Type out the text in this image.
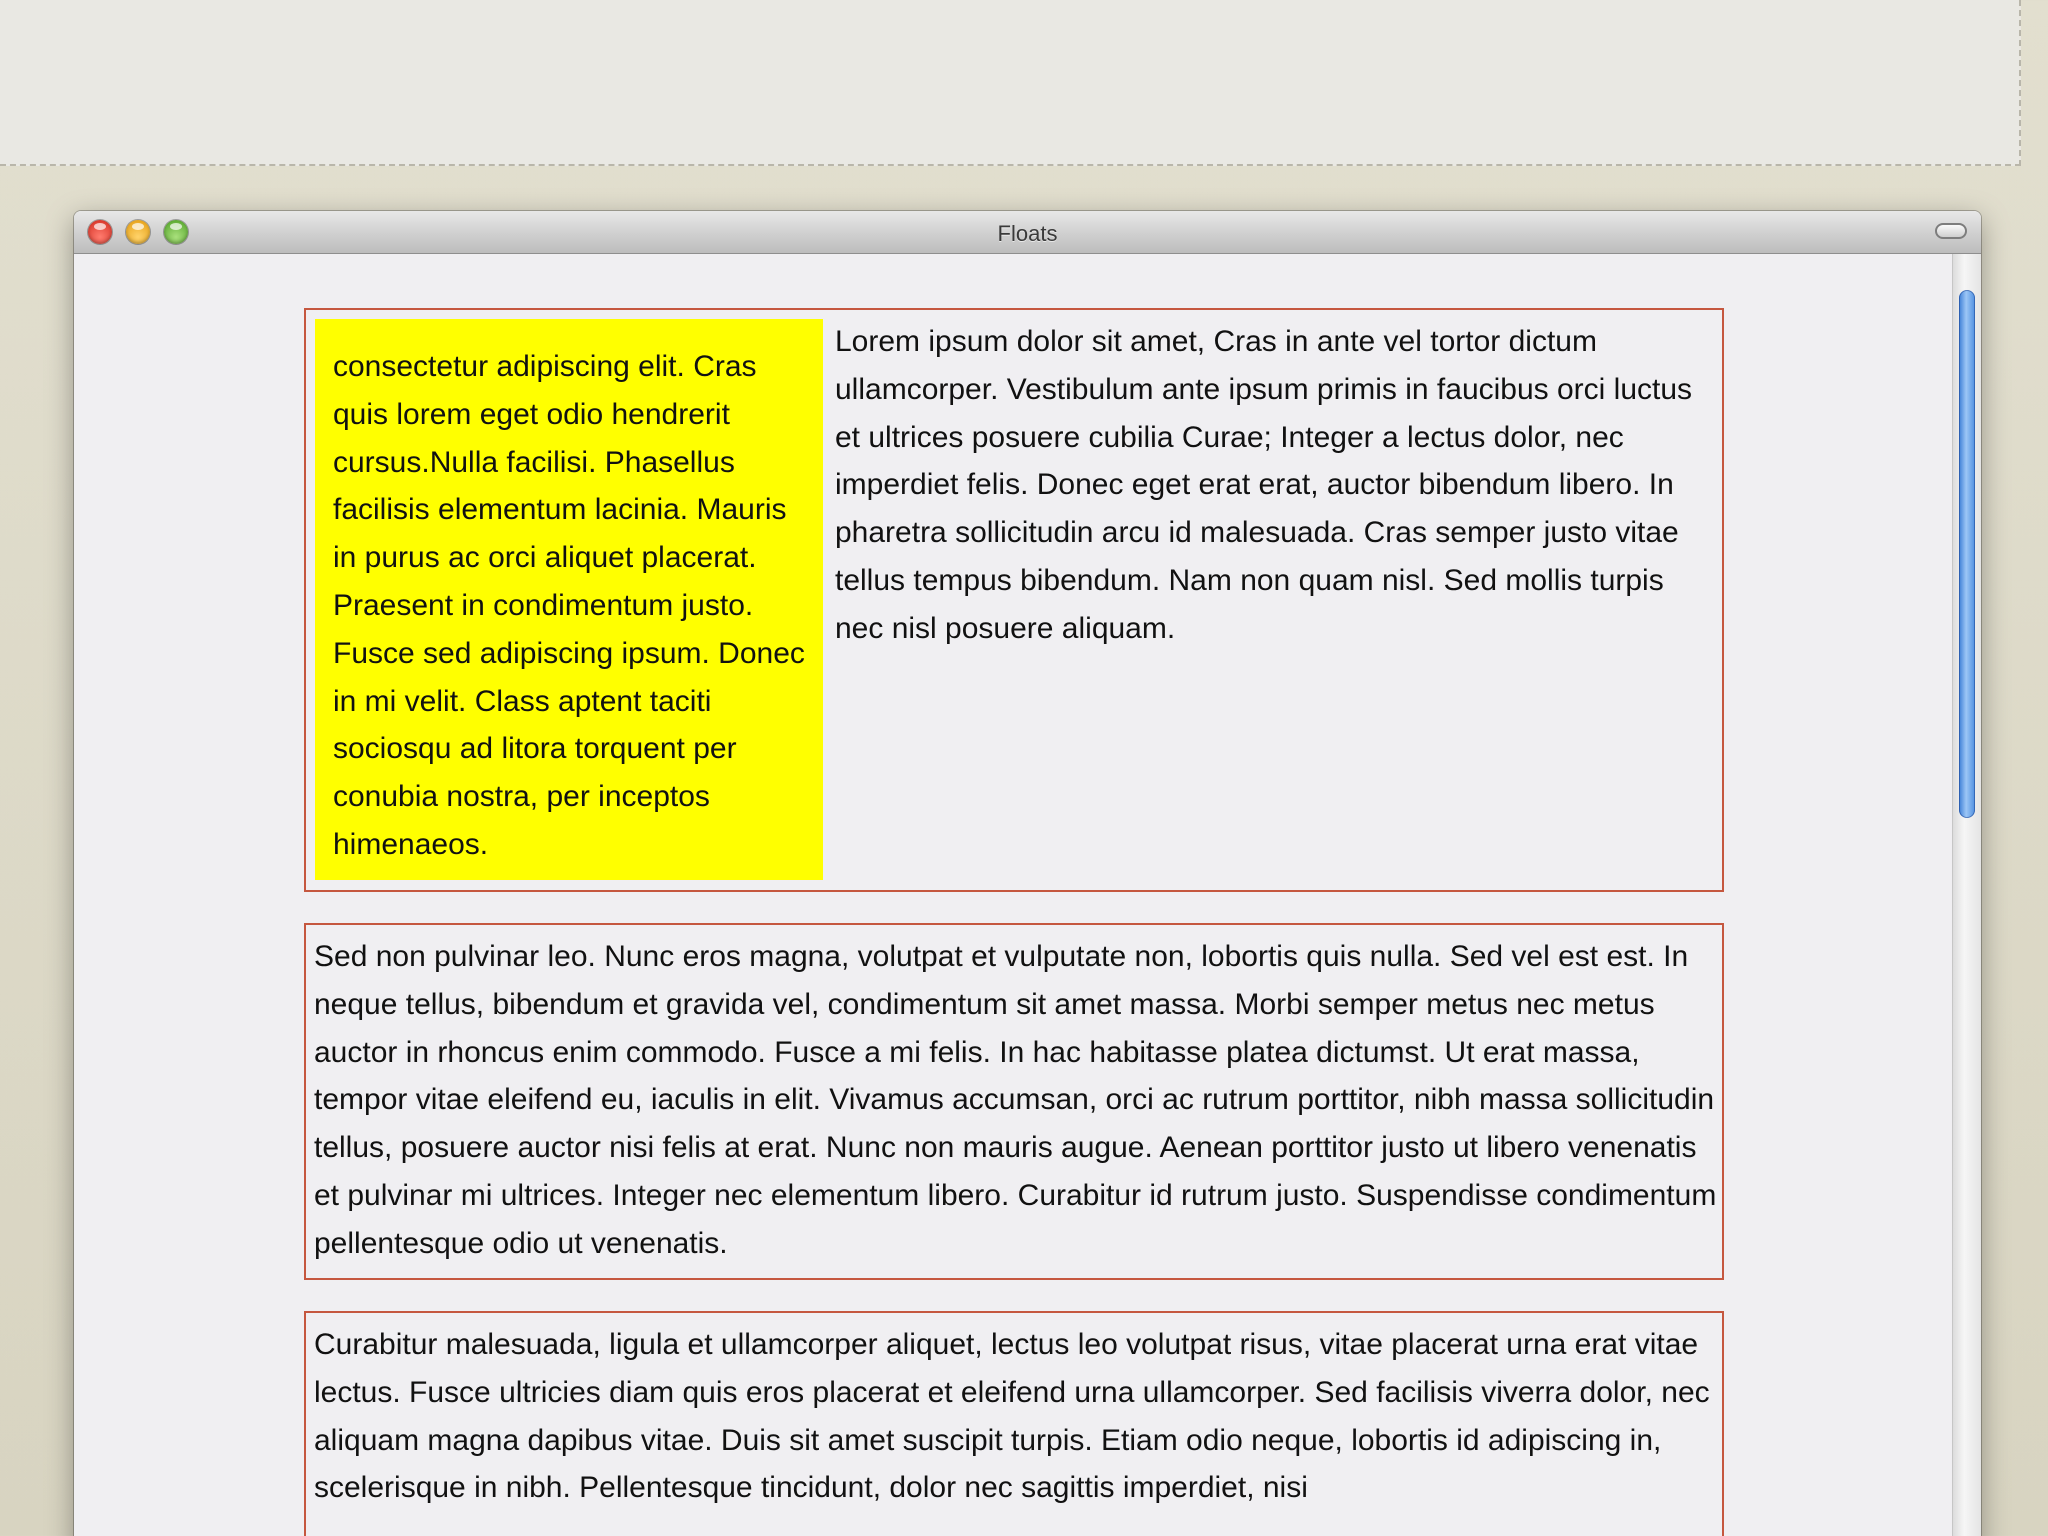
Floats

consectetur adipiscing elit. Cras quis lorem eget odio hendrerit cursus.Nulla facilisi. Phasellus facilisis elementum lacinia. Mauris in purus ac orci aliquet placerat. Praesent in condimentum justo. Fusce sed adipiscing ipsum. Donec in mi velit. Class aptent taciti sociosqu ad litora torquent per conubia nostra, per inceptos himenaeos.

Lorem ipsum dolor sit amet, Cras in ante vel tortor dictum ullamcorper. Vestibulum ante ipsum primis in faucibus orci luctus et ultrices posuere cubilia Curae; Integer a lectus dolor, nec imperdiet felis. Donec eget erat erat, auctor bibendum libero. In pharetra sollicitudin arcu id malesuada. Cras semper justo vitae tellus tempus bibendum. Nam non quam nisl. Sed mollis turpis nec nisl posuere aliquam.

Sed non pulvinar leo. Nunc eros magna, volutpat et vulputate non, lobortis quis nulla. Sed vel est est. In neque tellus, bibendum et gravida vel, condimentum sit amet massa. Morbi semper metus nec metus auctor in rhoncus enim commodo. Fusce a mi felis. In hac habitasse platea dictumst. Ut erat massa, tempor vitae eleifend eu, iaculis in elit. Vivamus accumsan, orci ac rutrum porttitor, nibh massa sollicitudin tellus, posuere auctor nisi felis at erat. Nunc non mauris augue. Aenean porttitor justo ut libero venenatis et pulvinar mi ultrices. Integer nec elementum libero. Curabitur id rutrum justo. Suspendisse condimentum pellentesque odio ut venenatis.

Curabitur malesuada, ligula et ullamcorper aliquet, lectus leo volutpat risus, vitae placerat urna erat vitae lectus. Fusce ultricies diam quis eros placerat et eleifend urna ullamcorper. Sed facilisis viverra dolor, nec aliquam magna dapibus vitae. Duis sit amet suscipit turpis. Etiam odio neque, lobortis id adipiscing in, scelerisque in nibh. Pellentesque tincidunt, dolor nec sagittis imperdiet, nisi
